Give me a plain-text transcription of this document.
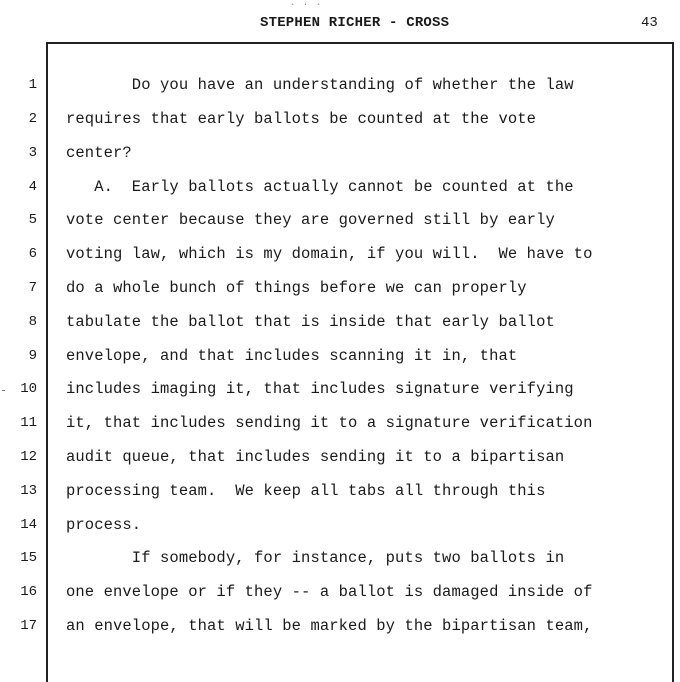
· · ·
STEPHEN RICHER - CROSS	43
1 Do you have an understanding of whether the law
2 requires that early ballots be counted at the vote
3 center?
4 A.  Early ballots actually cannot be counted at the
5 vote center because they are governed still by early
6 voting law, which is my domain, if you will.  We have to
7 do a whole bunch of things before we can properly
8 tabulate the ballot that is inside that early ballot
9 envelope, and that includes scanning it in, that
10 includes imaging it, that includes signature verifying
11 it, that includes sending it to a signature verification
12 audit queue, that includes sending it to a bipartisan
13 processing team.  We keep all tabs all through this
14 process.
15 If somebody, for instance, puts two ballots in
16 one envelope or if they -- a ballot is damaged inside of
17 an envelope, that will be marked by the bipartisan team,
